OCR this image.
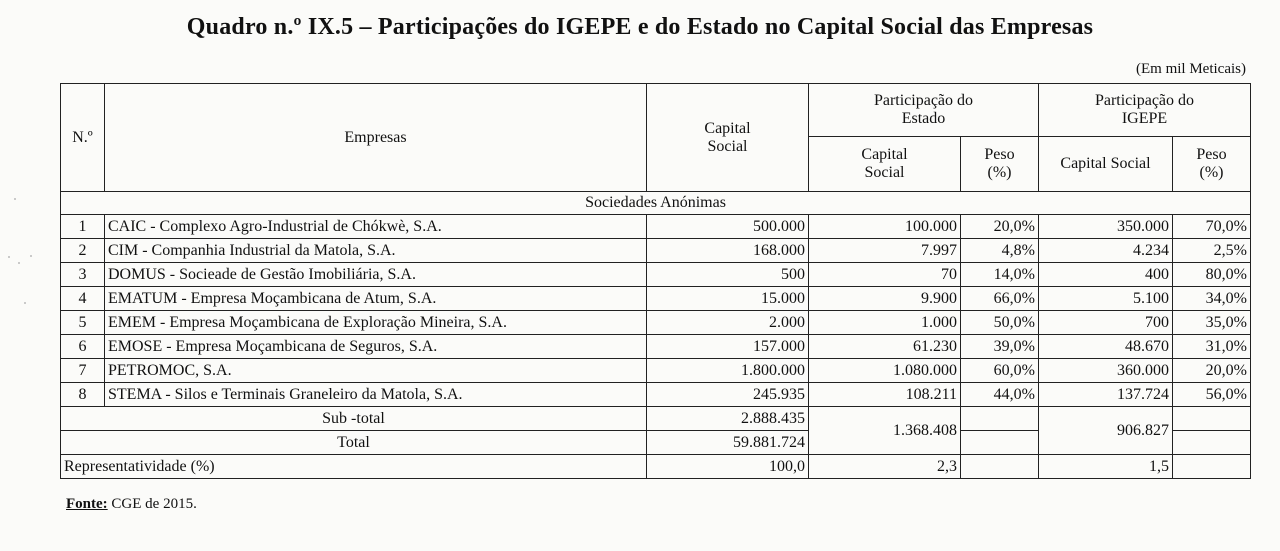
Quadro n.º IX.5 – Participações do IGEPE e do Estado no Capital Social das Empresas
(Em mil Meticais)
N.º	Empresas	Capital Social	Participação do Estado		Participação do IGEPE	

			Capital Social	Peso (%)	Capital Social	Peso (%)

Sociedades Anónimas						
1	CAIC - Complexo Agro-Industrial de Chókwè, S.A.	500.000	100.000	20,0%	350.000	70,0%
2	CIM - Companhia Industrial da Matola, S.A.	168.000	7.997	4,8%	4.234	2,5%
3	DOMUS - Socieade de Gestão Imobiliária, S.A.	500	70	14,0%	400	80,0%
4	EMATUM - Empresa Moçambicana de Atum, S.A.	15.000	9.900	66,0%	5.100	34,0%
5	EMEM - Empresa Moçambicana de Exploração Mineira, S.A.	2.000	1.000	50,0%	700	35,0%
6	EMOSE - Empresa Moçambicana de Seguros, S.A.	157.000	61.230	39,0%	48.670	31,0%
7	PETROMOC, S.A.	1.800.000	1.080.000	60,0%	360.000	20,0%
8	STEMA - Silos e Terminais Graneleiro da Matola, S.A.	245.935	108.211	44,0%	137.724	56,0%
Sub -total		2.888.435	1.368.408		906.827	
Total		59.881.724				
Representatividade (%)		100,0	2,3		1,5	
Fonte: CGE de 2015.
